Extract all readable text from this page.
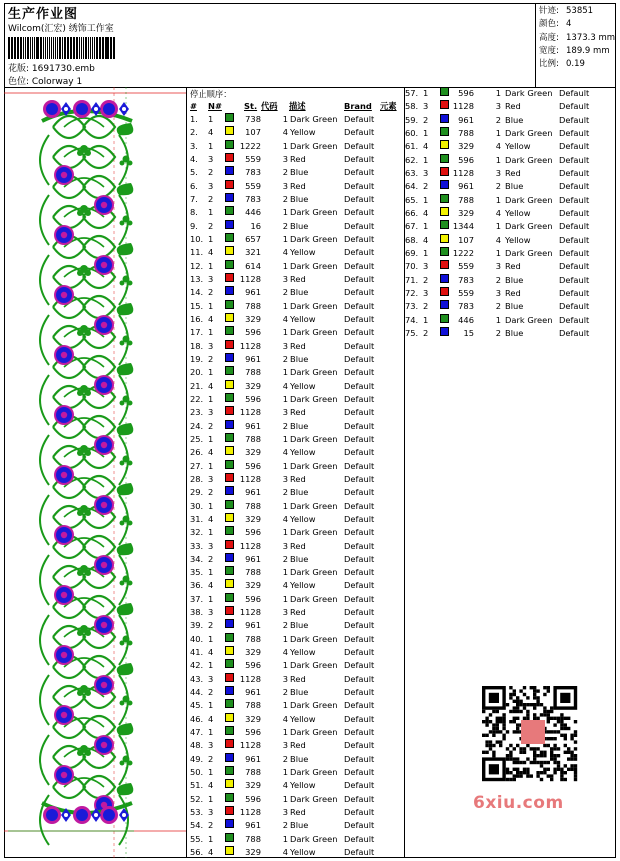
生产作业图
Wilcom(汇宏) 绣饰工作室
花版: 1691730.emb
色位: Colorway 1
针迹: 53851
颜色: 4
高度: 1373.3 mm
宽度: 189.9 mm
比例: 0.19
停止顺序：
# N#	St. 代码 描述	Brand 元素
1. 1	738	1 Dark Green Default
2. 4	107	4 Yellow	Default
3. 1	1222	1 Dark Green Default
4. 3	559	3 Red	Default
5. 2	783	2 Blue	Default
6. 3	559	3 Red	Default
7. 2	783	2 Blue	Default
8. 1	446	1 Dark Green Default
9. 2	16	2 Blue	Default
10. 1	657	1 Dark Green Default
11. 4	321	4 Yellow	Default
12. 1	614	1 Dark Green Default
13. 3	1128	3 Red	Default
14. 2	961	2 Blue	Default
15. 1	788	1 Dark Green Default
16. 4	329	4 Yellow	Default
17. 1	596	1 Dark Green Default
18. 3	1128	3 Red	Default
19. 2	961	2 Blue	Default
20. 1	788	1 Dark Green Default
21. 4	329	4 Yellow	Default
22. 1	596	1 Dark Green Default
23. 3	1128	3 Red	Default
24. 2	961	2 Blue	Default
25. 1	788	1 Dark Green Default
26. 4	329	4 Yellow	Default
27. 1	596	1 Dark Green Default
28. 3	1128	3 Red	Default
29. 2	961	2 Blue	Default
30. 1	788	1 Dark Green Default
31. 4	329	4 Yellow	Default
32. 1	596	1 Dark Green Default
33. 3	1128	3 Red	Default
34. 2	961	2 Blue	Default
35. 1	788	1 Dark Green Default
36. 4	329	4 Yellow	Default
37. 1	596	1 Dark Green Default
38. 3	1128	3 Red	Default
39. 2	961	2 Blue	Default
40. 1	788	1 Dark Green Default
41. 4	329	4 Yellow	Default
42. 1	596	1 Dark Green Default
43. 3	1128	3 Red	Default
44. 2	961	2 Blue	Default
45. 1	788	1 Dark Green Default
46. 4	329	4 Yellow	Default
47. 1	596	1 Dark Green Default
48. 3	1128	3 Red	Default
49. 2	961	2 Blue	Default
50. 1	788	1 Dark Green Default
51. 4	329	4 Yellow	Default
52. 1	596	1 Dark Green Default
53. 3	1128	3 Red	Default
54. 2	961	2 Blue	Default
55. 1	788	1 Dark Green Default
56. 4	329	4 Yellow	Default
57. 1	596	1 Dark Green Default
58. 3	1128	3 Red	Default
59. 2	961	2 Blue	Default
60. 1	788	1 Dark Green Default
61. 4	329	4 Yellow	Default
62. 1	596	1 Dark Green Default
63. 3	1128	3 Red	Default
64. 2	961	2 Blue	Default
65. 1	788	1 Dark Green Default
66. 4	329	4 Yellow	Default
67. 1	1344	1 Dark Green Default
68. 4	107	4 Yellow	Default
69. 1	1222	1 Dark Green Default
70. 3	559	3 Red	Default
71. 2	783	2 Blue	Default
72. 3	559	3 Red	Default
73. 2	783	2 Blue	Default
74. 1	446	1 Dark Green Default
75. 2	15	2 Blue	Default
6xiu.com
